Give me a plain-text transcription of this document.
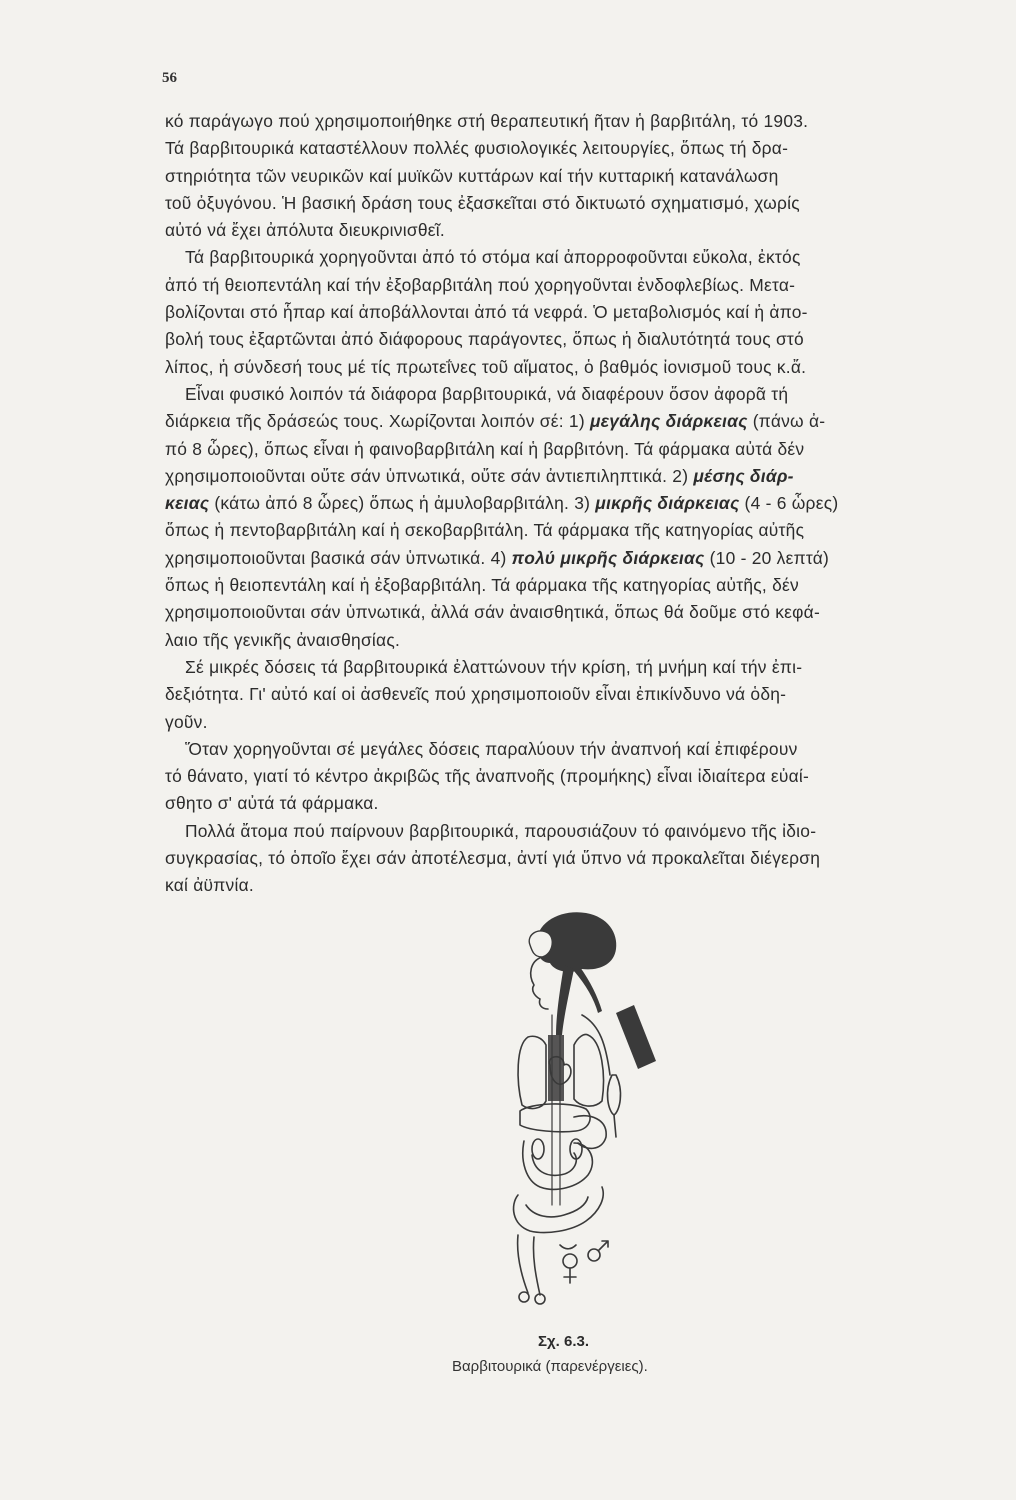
56
κό παράγωγο πού χρησιμοποιήθηκε στή θεραπευτική ῆταν ἡ βαρβιτάλη, τό 1903.
Τά βαρβιτουρικά καταστέλλουν πολλές φυσιολογικές λειτουργίες, ὅπως τή δρα-
στηριότητα τῶν νευρικῶν καί μυϊκῶν κυττάρων καί τήν κυτταρική κατανάλωση
τοῦ ὀξυγόνου. Ἡ βασική δράση τους ἐξασκεῖται στό δικτυωτό σχηματισμό, χωρίς
αὐτό νά ἔχει ἀπόλυτα διευκρινισθεῖ.
Τά βαρβιτουρικά χορηγοῦνται ἀπό τό στόμα καί ἀπορροφοῦνται εὔκολα, ἐκτός
ἀπό τή θειοπεντάλη καί τήν ἐξοβαρβιτάλη πού χορηγοῦνται ἐνδοφλεβίως. Μετα-
βολίζονται στό ἧπαρ καί ἀποβάλλονται ἀπό τά νεφρά. Ὁ μεταβολισμός καί ἡ ἀπο-
βολή τους ἐξαρτῶνται ἀπό διάφορους παράγοντες, ὅπως ἡ διαλυτότητά τους στό
λίπος, ἡ σύνδεσή τους μέ τίς πρωτεΐνες τοῦ αἵματος, ὁ βαθμός ἰονισμοῦ τους κ.ἄ.
Εἶναι φυσικό λοιπόν τά διάφορα βαρβιτουρικά, νά διαφέρουν ὅσον ἀφορᾶ τή
διάρκεια τῆς δράσεώς τους. Χωρίζονται λοιπόν σέ: 1) μεγάλης διάρκειας (πάνω ἀ-
πό 8 ὧρες), ὅπως εἶναι ἡ φαινοβαρβιτάλη καί ἡ βαρβιτόνη. Τά φάρμακα αὐτά δέν
χρησιμοποιοῦνται οὔτε σάν ὑπνωτικά, οὔτε σάν ἀντιεπιληπτικά. 2) μέσης διάρ-
κειας (κάτω ἀπό 8 ὧρες) ὅπως ἡ ἀμυλοβαρβιτάλη. 3) μικρῆς διάρκειας (4 - 6 ὧρες)
ὅπως ἡ πεντοβαρβιτάλη καί ἡ σεκοβαρβιτάλη. Τά φάρμακα τῆς κατηγορίας αὐτῆς
χρησιμοποιοῦνται βασικά σάν ὑπνωτικά. 4) πολύ μικρῆς διάρκειας (10 - 20 λεπτά)
ὅπως ἡ θειοπεντάλη καί ἡ ἐξοβαρβιτάλη. Τά φάρμακα τῆς κατηγορίας αὐτῆς, δέν
χρησιμοποιοῦνται σάν ὑπνωτικά, ἀλλά σάν ἀναισθητικά, ὅπως θά δοῦμε στό κεφά-
λαιο τῆς γενικῆς ἀναισθησίας.
Σέ μικρές δόσεις τά βαρβιτουρικά ἐλαττώνουν τήν κρίση, τή μνήμη καί τήν ἐπι-
δεξιότητα. Γι' αὐτό καί οἱ ἀσθενεῖς πού χρησιμοποιοῦν εἶναι ἐπικίνδυνο νά ὁδη-
γοῦν.
Ὅταν χορηγοῦνται σέ μεγάλες δόσεις παραλύουν τήν ἀναπνοή καί ἐπιφέρουν
τό θάνατο, γιατί τό κέντρο ἀκριβῶς τῆς ἀναπνοῆς (προμήκης) εἶναι ἰδιαίτερα εὐαί-
σθητο σ' αὐτά τά φάρμακα.
Πολλά ἄτομα πού παίρνουν βαρβιτουρικά, παρουσιάζουν τό φαινόμενο τῆς ἰδιο-
συγκρασίας, τό ὁποῖο ἔχει σάν ἀποτέλεσμα, ἀντί γιά ὕπνο νά προκαλεῖται διέγερση
καί ἀϋπνία.
Σχ. 6.3.
Βαρβιτουρικά (παρενέργειες).
